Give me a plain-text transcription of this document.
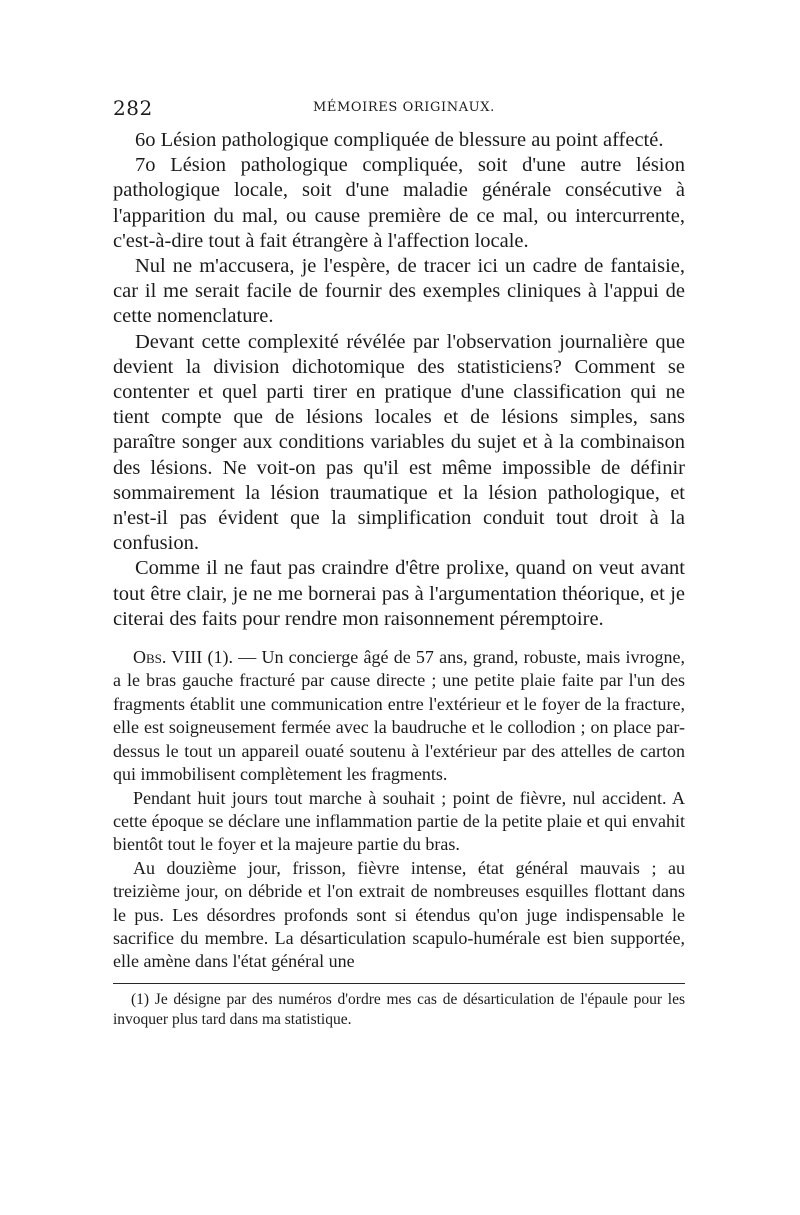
282	MÉMOIRES ORIGINAUX.

6o Lésion pathologique compliquée de blessure au point affecté.

7o Lésion pathologique compliquée, soit d'une autre lésion pathologique locale, soit d'une maladie générale consécutive à l'apparition du mal, ou cause première de ce mal, ou intercurrente, c'est-à-dire tout à fait étrangère à l'affection locale.

Nul ne m'accusera, je l'espère, de tracer ici un cadre de fantaisie, car il me serait facile de fournir des exemples cliniques à l'appui de cette nomenclature.

Devant cette complexité révélée par l'observation journalière que devient la division dichotomique des statisticiens? Comment se contenter et quel parti tirer en pratique d'une classification qui ne tient compte que de lésions locales et de lésions simples, sans paraître songer aux conditions variables du sujet et à la combinaison des lésions. Ne voit-on pas qu'il est même impossible de définir sommairement la lésion traumatique et la lésion pathologique, et n'est-il pas évident que la simplification conduit tout droit à la confusion.

Comme il ne faut pas craindre d'être prolixe, quand on veut avant tout être clair, je ne me bornerai pas à l'argumentation théorique, et je citerai des faits pour rendre mon raisonnement péremptoire.

Obs. VIII (1). — Un concierge âgé de 57 ans, grand, robuste, mais ivrogne, a le bras gauche fracturé par cause directe ; une petite plaie faite par l'un des fragments établit une communication entre l'extérieur et le foyer de la fracture, elle est soigneusement fermée avec la baudruche et le collodion ; on place par-dessus le tout un appareil ouaté soutenu à l'extérieur par des attelles de carton qui immobilisent complètement les fragments.

Pendant huit jours tout marche à souhait ; point de fièvre, nul accident. A cette époque se déclare une inflammation partie de la petite plaie et qui envahit bientôt tout le foyer et la majeure partie du bras.

Au douzième jour, frisson, fièvre intense, état général mauvais ; au treizième jour, on débride et l'on extrait de nombreuses esquilles flottant dans le pus. Les désordres profonds sont si étendus qu'on juge indispensable le sacrifice du membre. La désarticulation scapulo-humérale est bien supportée, elle amène dans l'état général une

(1) Je désigne par des numéros d'ordre mes cas de désarticulation de l'épaule pour les invoquer plus tard dans ma statistique.
